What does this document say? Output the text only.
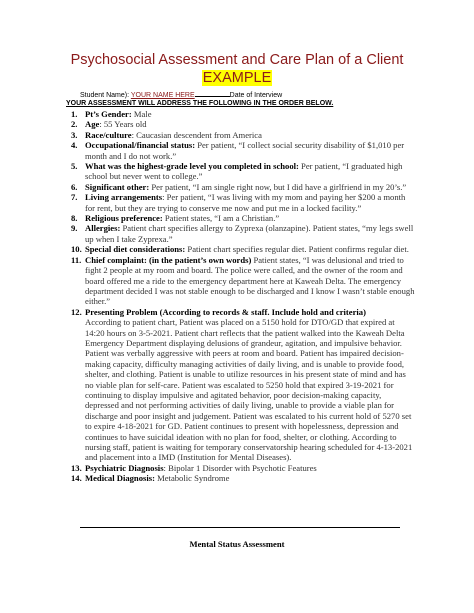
Psychosocial Assessment and Care Plan of a Client
EXAMPLE
Student Name): YOUR NAME HERE	Date of Interview
YOUR ASSESSMENT WILL ADDRESS THE FOLLOWING IN THE ORDER BELOW.
1. Pt’s Gender: Male
2. Age: 55 Years old
3. Race/culture: Caucasian descendent from America
4. Occupational/financial status: Per patient, “I collect social security disability of $1,010 per month and I do not work.”
5. What was the highest-grade level you completed in school: Per patient, “I graduated high school but never went to college.”
6. Significant other: Per patient, “I am single right now, but I did have a girlfriend in my 20’s.”
7. Living arrangements: Per patient, “I was living with my mom and paying her $200 a month for rent, but they are trying to conserve me now and put me in a locked facility.”
8. Religious preference: Patient states, “I am a Christian.”
9. Allergies: Patient chart specifies allergy to Zyprexa (olanzapine). Patient states, “my legs swell up when I take Zyprexa.”
10. Special diet considerations: Patient chart specifies regular diet. Patient confirms regular diet.
11. Chief complaint: (in the patient’s own words) Patient states, “I was delusional and tried to fight 2 people at my room and board. The police were called, and the owner of the room and board offered me a ride to the emergency department here at Kaweah Delta. The emergency department decided I was not stable enough to be discharged and I know I wasn’t stable enough either.”
12. Presenting Problem (According to records & staff. Include hold and criteria)
According to patient chart, Patient was placed on a 5150 hold for DTO/GD that expired at 14:20 hours on 3-5-2021. Patient chart reflects that the patient walked into the Kaweah Delta Emergency Department displaying delusions of grandeur, agitation, and impulsive behavior. Patient was verbally aggressive with peers at room and board. Patient has impaired decision-making capacity, difficulty managing activities of daily living, and is unable to provide food, shelter, and clothing. Patient is unable to utilize resources in his present state of mind and has no viable plan for self-care. Patient was escalated to 5250 hold that expired 3-19-2021 for continuing to display impulsive and agitated behavior, poor decision-making capacity, depressed and not performing activities of daily living, unable to provide a viable plan for discharge and poor insight and judgement. Patient was escalated to his current hold of 5270 set to expire 4-18-2021 for GD. Patient continues to present with hopelessness, depression and continues to have suicidal ideation with no plan for food, shelter, or clothing. According to nursing staff, patient is waiting for temporary conservatorship hearing scheduled for 4-13-2021 and placement into a IMD (Institution for Mental Diseases).
13. Psychiatric Diagnosis: Bipolar 1 Disorder with Psychotic Features
14. Medical Diagnosis: Metabolic Syndrome
Mental Status Assessment
